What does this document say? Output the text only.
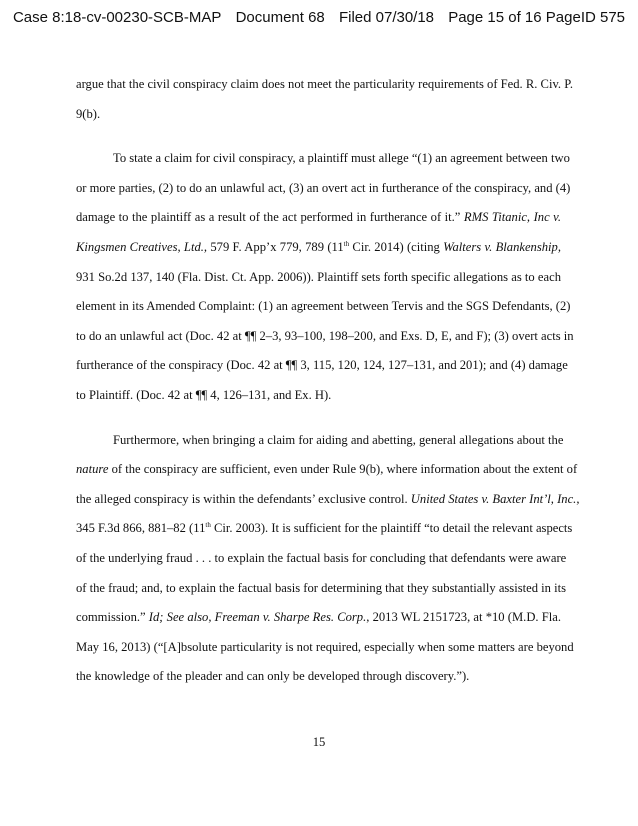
Case 8:18-cv-00230-SCB-MAP Document 68 Filed 07/30/18 Page 15 of 16 PageID 575
argue that the civil conspiracy claim does not meet the particularity requirements of Fed. R. Civ. P.
9(b).
To state a claim for civil conspiracy, a plaintiff must allege “(1) an agreement between two
or more parties, (2) to do an unlawful act, (3) an overt act in furtherance of the conspiracy, and (4)
damage to the plaintiff as a result of the act performed in furtherance of it.” RMS Titanic, Inc v.
Kingsmen Creatives, Ltd., 579 F. App’x 779, 789 (11th Cir. 2014) (citing Walters v. Blankenship,
931 So.2d 137, 140 (Fla. Dist. Ct. App. 2006)). Plaintiff sets forth specific allegations as to each
element in its Amended Complaint: (1) an agreement between Tervis and the SGS Defendants, (2)
to do an unlawful act (Doc. 42 at ¶¶ 2–3, 93–100, 198–200, and Exs. D, E, and F); (3) overt acts in
furtherance of the conspiracy (Doc. 42 at ¶¶ 3, 115, 120, 124, 127–131, and 201); and (4) damage
to Plaintiff. (Doc. 42 at ¶¶ 4, 126–131, and Ex. H).
Furthermore, when bringing a claim for aiding and abetting, general allegations about the
nature of the conspiracy are sufficient, even under Rule 9(b), where information about the extent of
the alleged conspiracy is within the defendants’ exclusive control. United States v. Baxter Int’l, Inc.,
345 F.3d 866, 881–82 (11th Cir. 2003). It is sufficient for the plaintiff “to detail the relevant aspects
of the underlying fraud . . . to explain the factual basis for concluding that defendants were aware
of the fraud; and, to explain the factual basis for determining that they substantially assisted in its
commission.” Id; See also, Freeman v. Sharpe Res. Corp., 2013 WL 2151723, at *10 (M.D. Fla.
May 16, 2013) (“[A]bsolute particularity is not required, especially when some matters are beyond
the knowledge of the pleader and can only be developed through discovery.”).
15
